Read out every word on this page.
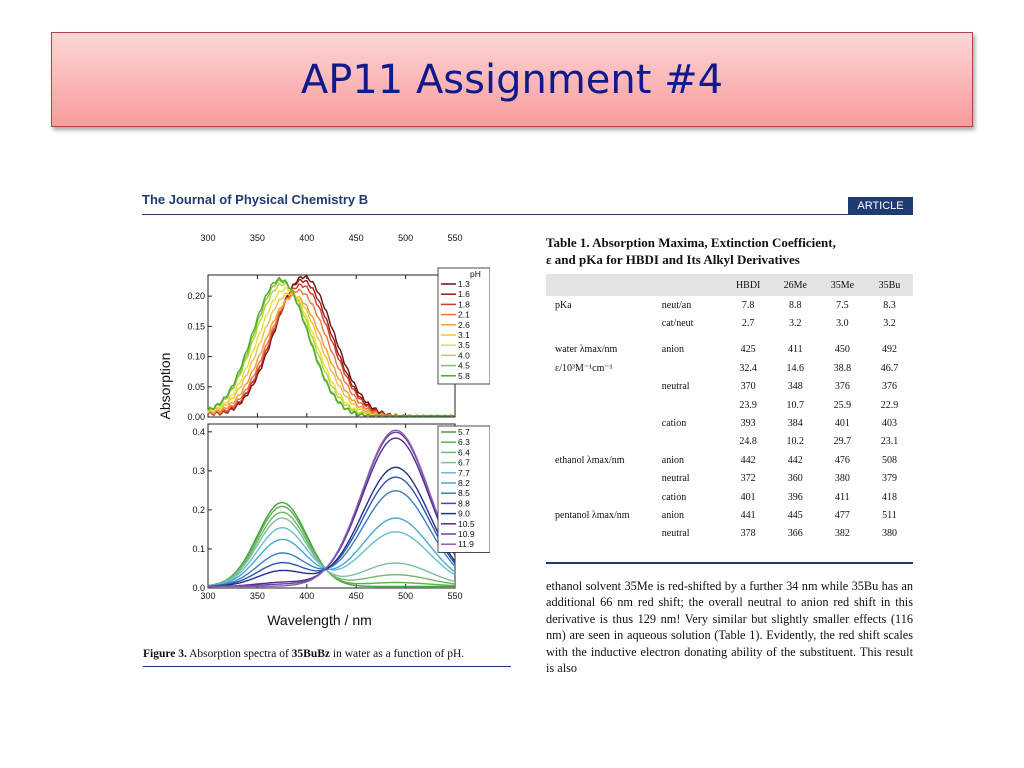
AP11 Assignment #4
The Journal of Physical Chemistry B	ARTICLE
300	350	400	450	500	550
0.00
0.05
0.10
0.15
0.20
pH
1.3
1.6
1.8
2.1
2.6
3.1
3.5
4.0
4.5
5.8
0.0
0.1
0.2
0.3
0.4
300	350	400	450	500	550
Wavelength / nm
5.7
6.3
6.4
6.7
7.7
8.2
8.5
8.8
9.0
10.5
10.9
11.9
Absorption
Figure 3. Absorption spectra of 35BuBz in water as a function of pH.
Table 1. Absorption Maxima, Extinction Coefficient,
ε and pKa for HBDI and Its Alkyl Derivatives
		HBDI	26Me	35Me	35Bu
pKa	neut/an	7.8	8.8	7.5	8.3
	cat/neut	2.7	3.2	3.0	3.2

water λmax/nm	anion	425	411	450	492
ε/10³M⁻¹cm⁻¹		32.4	14.6	38.8	46.7
	neutral	370	348	376	376
		23.9	10.7	25.9	22.9
	cation	393	384	401	403
		24.8	10.2	29.7	23.1
ethanol λmax/nm	anion	442	442	476	508
	neutral	372	360	380	379
	cation	401	396	411	418
pentanol λmax/nm	anion	441	445	477	511
	neutral	378	366	382	380

ethanol solvent 35Me is red-shifted by a further 34 nm while 35Bu has an additional 66 nm red shift; the overall neutral to anion red shift in this derivative is thus 129 nm! Very similar but slightly smaller effects (116 nm) are seen in aqueous solution (Table 1). Evidently, the red shift scales with the inductive electron donating ability of the substituent. This result is also
